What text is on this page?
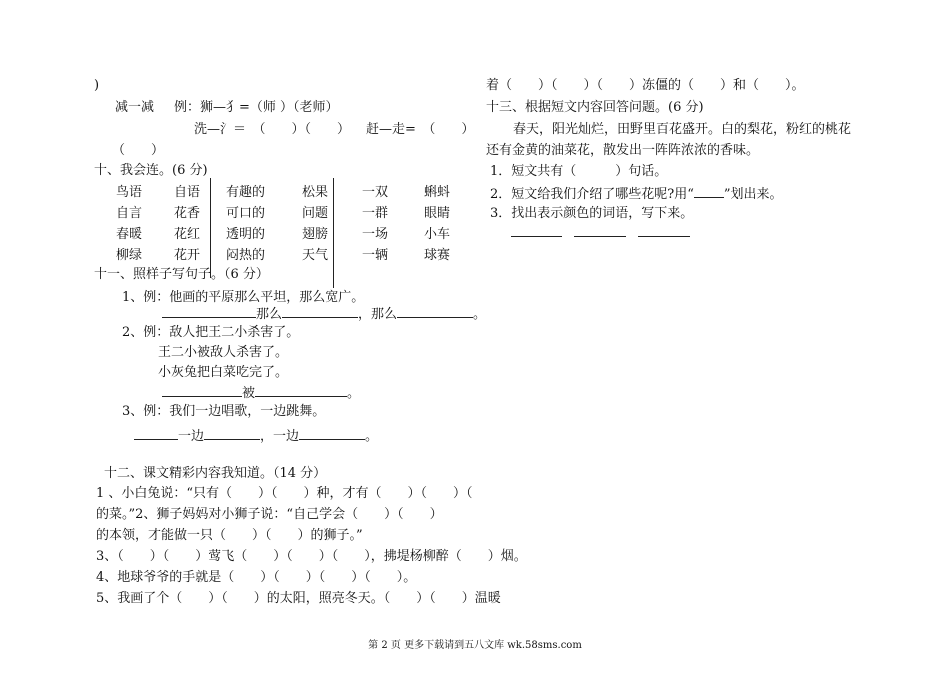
)
减一减 例：狮—犭=（师 ）（老师）
洗—氵＝　（　　）（　　） 赶—走=　（　　）
（　　）
十、我会连。(6 分)
鸟语 自语 有趣的	松果	一双	蝌蚪
自言 花香 可口的	问题	一群	眼睛
春暖 花红 透明的	翅膀	一场	小车
柳绿 花开 闷热的	天气	一辆	球赛
十一、照样子写句子。（6 分）
1、例：他画的平原那么平坦，那么宽广。
那么	，那么	。
2、例：敌人把王二小杀害了。
王二小被敌人杀害了。
小灰兔把白菜吃完了。
被	。
3、例：我们一边唱歌，一边跳舞。
一边	，一边	。
十二、课文精彩内容我知道。（14 分）
1 、小白兔说：“只有（　　）（　　）种，才有（　　）（　　）（
的菜。”2、狮子妈妈对小狮子说：“自己学会（　　）（　　）
的本领，才能做一只（　　）（　　）的狮子。”
3、（　　）（　　）莺飞（　　）（　　）（　　），拂堤杨柳醉（　　）烟。
4、地球爷爷的手就是（　　）（　　）（　　）（　　）。
5、我画了个（　　）（　　）的太阳，照亮冬天。（　　）（　　）温暖
着（　　）（　　）（　　）冻僵的（　　）和（　　）。
十三、根据短文内容回答问题。(6 分)
春天，阳光灿烂，田野里百花盛开。白的梨花，粉红的桃花
还有金黄的油菜花，散发出一阵阵浓浓的香味。
1．短文共有（　　　）句话。
2．短文给我们介绍了哪些花呢?用“ ”划出来。
3．找出表示颜色的词语，写下来。
第 2 页 更多下载请到五八文库 wk.58sms.com
